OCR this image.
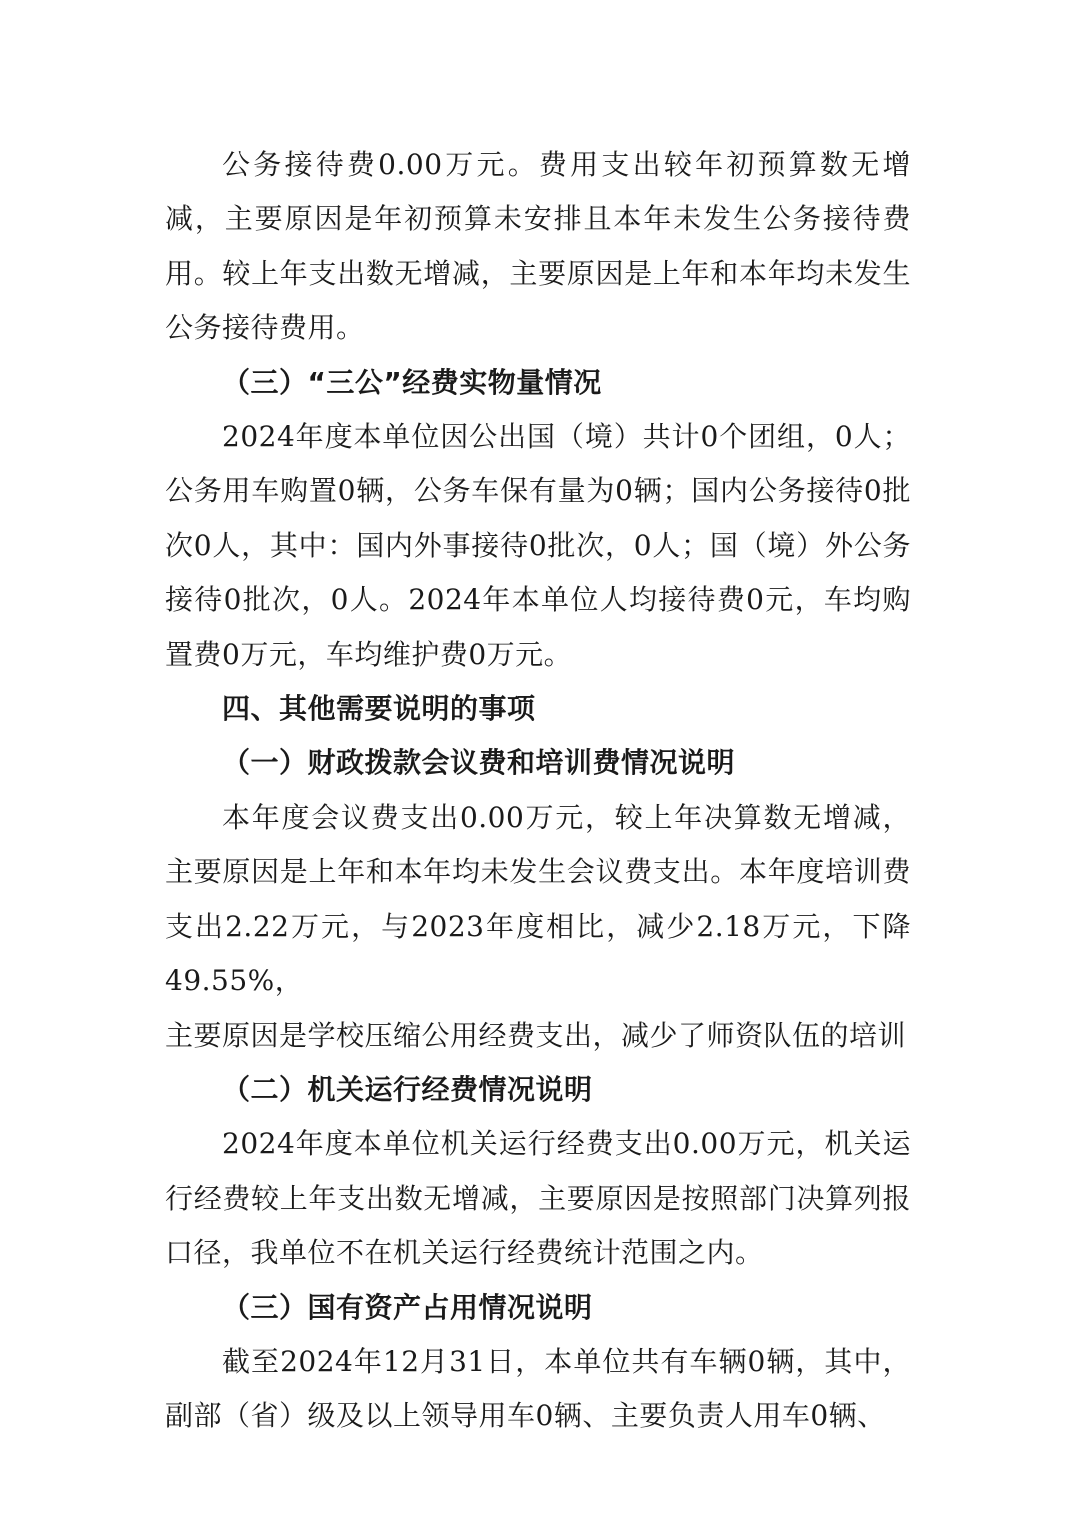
公务接待费0.00万元。费用支出较年初预算数无增减，主要原因是年初预算未安排且本年未发生公务接待费用。较上年支出数无增减，主要原因是上年和本年均未发生公务接待费用。

（三）“三公”经费实物量情况

2024年度本单位因公出国（境）共计0个团组，0人；公务用车购置0辆，公务车保有量为0辆；国内公务接待0批次0人，其中：国内外事接待0批次，0人；国（境）外公务接待0批次，0人。2024年本单位人均接待费0元，车均购置费0万元，车均维护费0万元。

四、其他需要说明的事项
（一）财政拨款会议费和培训费情况说明

本年度会议费支出0.00万元，较上年决算数无增减，主要原因是上年和本年均未发生会议费支出。本年度培训费支出2.22万元，与2023年度相比，减少2.18万元，下降49.55%，

主要原因是学校压缩公用经费支出，减少了师资队伍的培训

（二）机关运行经费情况说明

2024年度本单位机关运行经费支出0.00万元，机关运行经费较上年支出数无增减，主要原因是按照部门决算列报口径，我单位不在机关运行经费统计范围之内。

（三）国有资产占用情况说明

截至2024年12月31日，本单位共有车辆0辆，其中，副部（省）级及以上领导用车0辆、主要负责人用车0辆、
